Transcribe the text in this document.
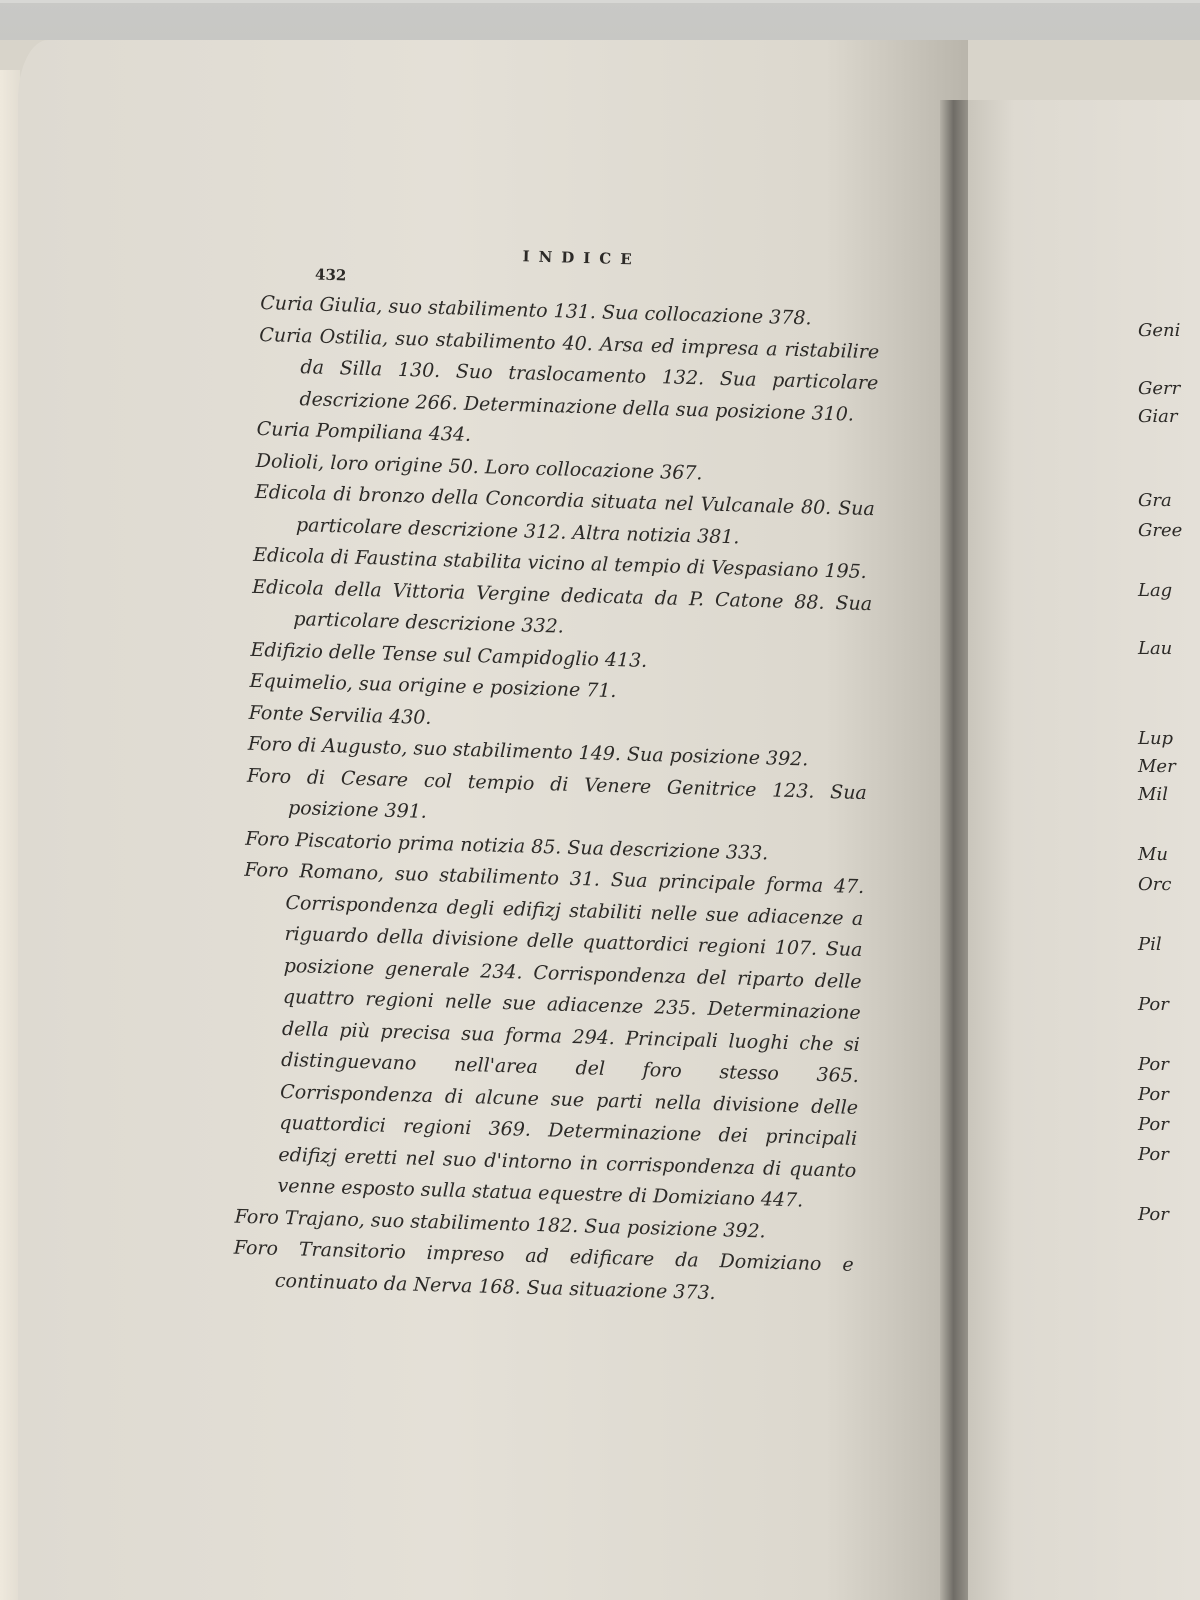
Geni
Gerr
Giar
Gra
Gree
Lag
Lau
Lup
Mer
Mil
Mu
Orc
Pil
Por
Por
Por
Por
Por
Por
INDICE
432

Curia Giulia, suo stabilimento 131. Sua collocazione 378.

Curia Ostilia, suo stabilimento 40. Arsa ed impresa a ristabilire da Silla 130. Suo traslocamento 132. Sua particolare descrizione 266. Determinazione della sua posizione 310.

Curia Pompiliana 434.

Dolioli, loro origine 50. Loro collocazione 367.

Edicola di bronzo della Concordia situata nel Vulcanale 80. Sua particolare descrizione 312. Altra notizia 381.

Edicola di Faustina stabilita vicino al tempio di Vespasiano 195.

Edicola della Vittoria Vergine dedicata da P. Catone 88. Sua particolare descrizione 332.

Edifizio delle Tense sul Campidoglio 413.

Equimelio, sua origine e posizione 71.

Fonte Servilia 430.

Foro di Augusto, suo stabilimento 149. Sua posizione 392.

Foro di Cesare col tempio di Venere Genitrice 123. Sua posizione 391.

Foro Piscatorio prima notizia 85. Sua descrizione 333.

Foro Romano, suo stabilimento 31. Sua principale forma 47. Corrispondenza degli edifizj stabiliti nelle sue adiacenze a riguardo della divisione delle quattordici regioni 107. Sua posizione generale 234. Corrispondenza del riparto delle quattro regioni nelle sue adiacenze 235. Determinazione della più precisa sua forma 294. Principali luoghi che si distinguevano nell'area del foro stesso 365. Corrispondenza di alcune sue parti nella divisione delle quattordici regioni 369. Determinazione dei principali edifizj eretti nel suo d'intorno in corrispondenza di quanto venne esposto sulla statua equestre di Domiziano 447.

Foro Trajano, suo stabilimento 182. Sua posizione 392.

Foro Transitorio impreso ad edificare da Domiziano e continuato da Nerva 168. Sua situazione 373.
